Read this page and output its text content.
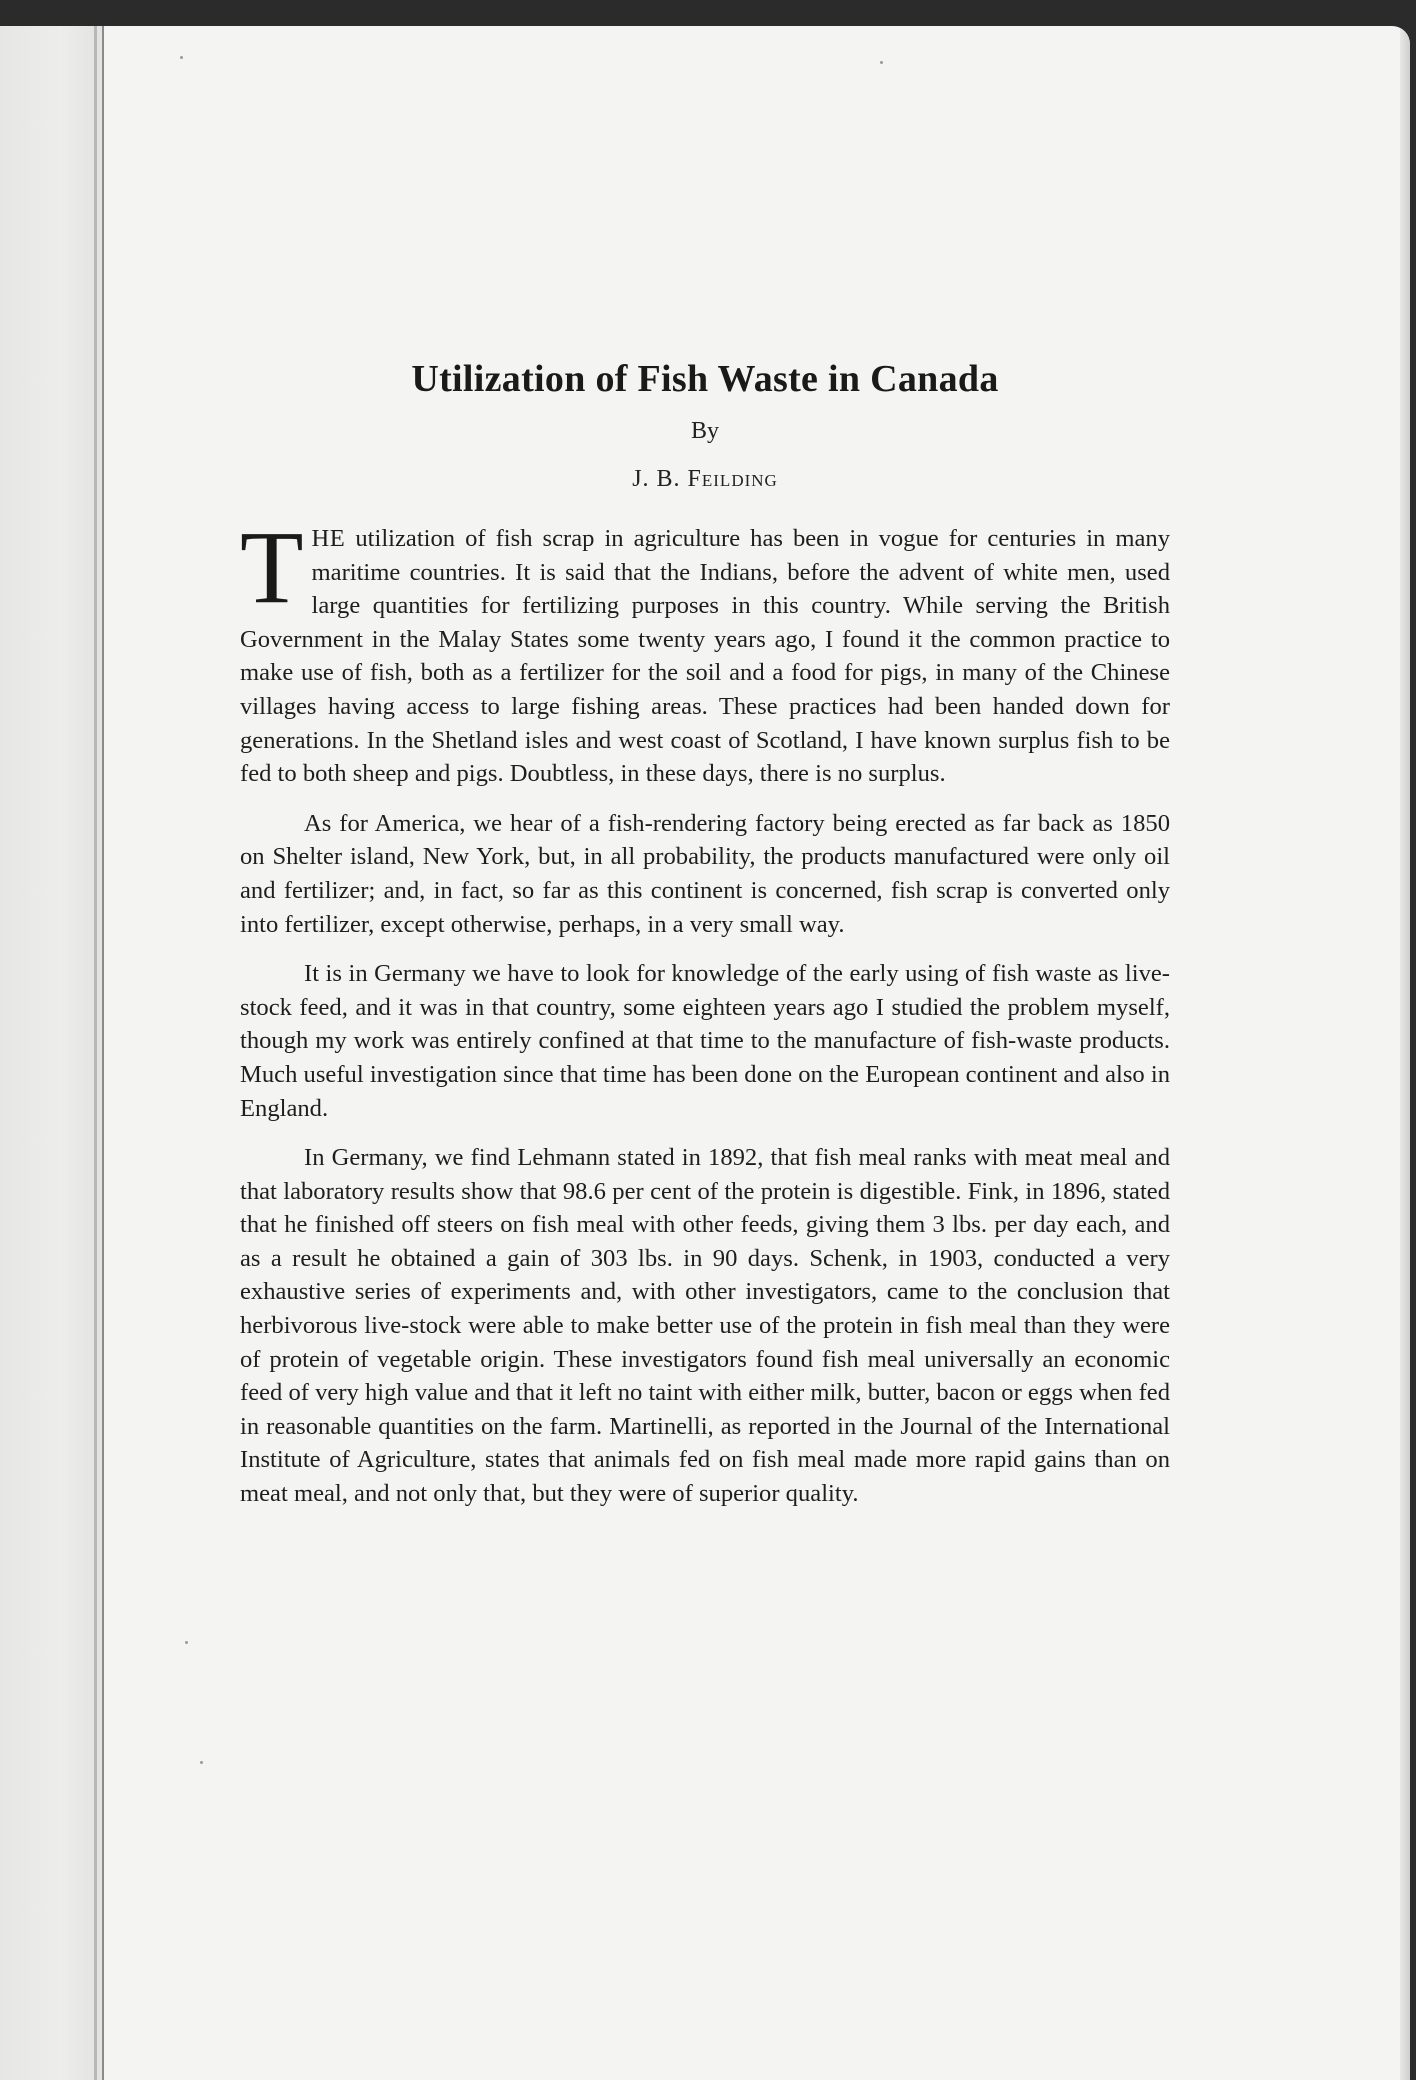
Utilization of Fish Waste in Canada
By
J. B. Feilding

THE utilization of fish scrap in agriculture has been in vogue for centuries in many maritime countries. It is said that the Indians, before the advent of white men, used large quantities for fertilizing purposes in this country. While serving the British Government in the Malay States some twenty years ago, I found it the common practice to make use of fish, both as a fertilizer for the soil and a food for pigs, in many of the Chinese villages having access to large fishing areas. These practices had been handed down for generations. In the Shetland isles and west coast of Scotland, I have known surplus fish to be fed to both sheep and pigs. Doubtless, in these days, there is no surplus.

As for America, we hear of a fish-rendering factory being erected as far back as 1850 on Shelter island, New York, but, in all probability, the products manufactured were only oil and fertilizer; and, in fact, so far as this continent is concerned, fish scrap is converted only into fertilizer, except otherwise, perhaps, in a very small way.

It is in Germany we have to look for knowledge of the early using of fish waste as live-stock feed, and it was in that country, some eighteen years ago I studied the problem myself, though my work was entirely confined at that time to the manufacture of fish-waste products. Much useful investigation since that time has been done on the European continent and also in England.

In Germany, we find Lehmann stated in 1892, that fish meal ranks with meat meal and that laboratory results show that 98.6 per cent of the protein is digestible. Fink, in 1896, stated that he finished off steers on fish meal with other feeds, giving them 3 lbs. per day each, and as a result he obtained a gain of 303 lbs. in 90 days. Schenk, in 1903, conducted a very exhaustive series of experiments and, with other investigators, came to the conclusion that herbivorous live-stock were able to make better use of the protein in fish meal than they were of protein of vegetable origin. These investigators found fish meal universally an economic feed of very high value and that it left no taint with either milk, butter, bacon or eggs when fed in reasonable quantities on the farm. Martinelli, as reported in the Journal of the International Institute of Agriculture, states that animals fed on fish meal made more rapid gains than on meat meal, and not only that, but they were of superior quality.
